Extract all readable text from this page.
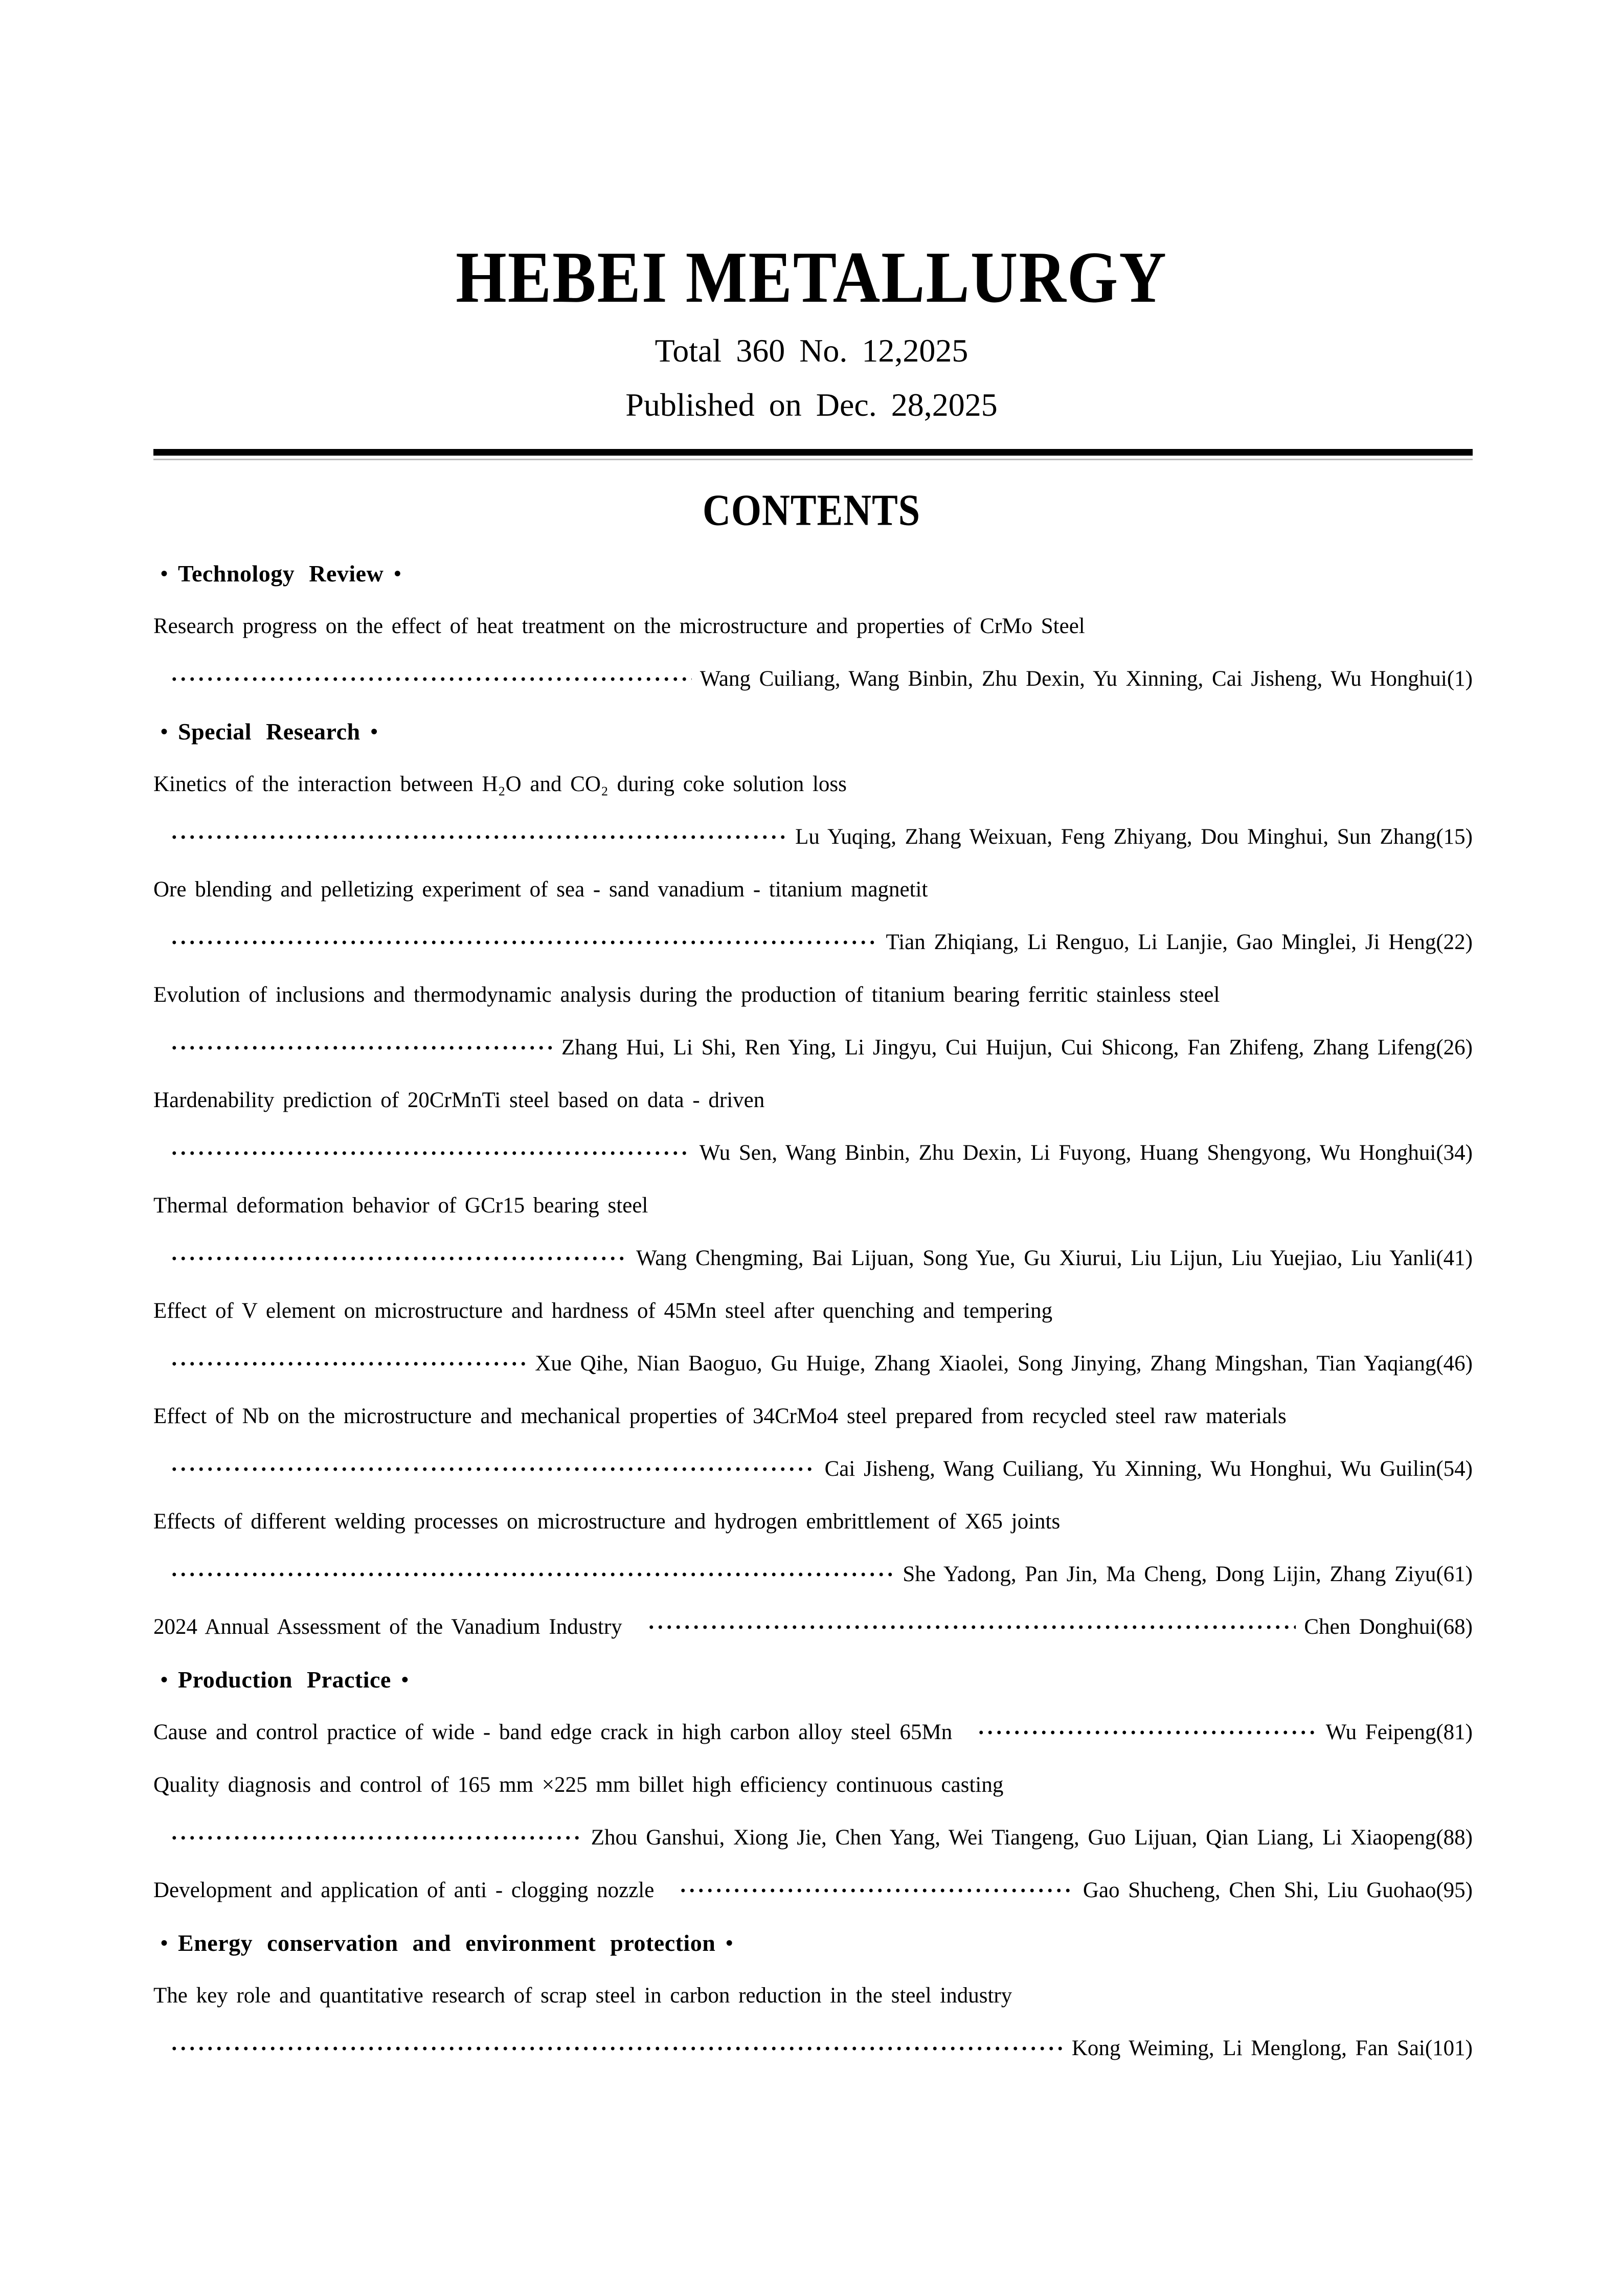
HEBEI METALLURGY
Total 360 No. 12,2025
Published on Dec. 28,2025
CONTENTS
• Technology Review •
Research progress on the effect of heat treatment on the microstructure and properties of CrMo Steel
Wang Cuiliang, Wang Binbin, Zhu Dexin, Yu Xinning, Cai Jisheng, Wu Honghui (1)
• Special Research •
Kinetics of the interaction between H₂O and CO₂ during coke solution loss
Lu Yuqing, Zhang Weixuan, Feng Zhiyang, Dou Minghui, Sun Zhang (15)
Ore blending and pelletizing experiment of sea - sand vanadium - titanium magnetit
Tian Zhiqiang, Li Renguo, Li Lanjie, Gao Minglei, Ji Heng (22)
Evolution of inclusions and thermodynamic analysis during the production of titanium bearing ferritic stainless steel
Zhang Hui, Li Shi, Ren Ying, Li Jingyu, Cui Huijun, Cui Shicong, Fan Zhifeng, Zhang Lifeng (26)
Hardenability prediction of 20CrMnTi steel based on data - driven
Wu Sen, Wang Binbin, Zhu Dexin, Li Fuyong, Huang Shengyong, Wu Honghui (34)
Thermal deformation behavior of GCr15 bearing steel
Wang Chengming, Bai Lijuan, Song Yue, Gu Xiurui, Liu Lijun, Liu Yuejiao, Liu Yanli (41)
Effect of V element on microstructure and hardness of 45Mn steel after quenching and tempering
Xue Qihe, Nian Baoguo, Gu Huige, Zhang Xiaolei, Song Jinying, Zhang Mingshan, Tian Yaqiang (46)
Effect of Nb on the microstructure and mechanical properties of 34CrMo4 steel prepared from recycled steel raw materials
Cai Jisheng, Wang Cuiliang, Yu Xinning, Wu Honghui, Wu Guilin (54)
Effects of different welding processes on microstructure and hydrogen embrittlement of X65 joints
She Yadong, Pan Jin, Ma Cheng, Dong Lijin, Zhang Ziyu (61)
2024 Annual Assessment of the Vanadium Industry	Chen Donghui (68)
• Production Practice •
Cause and control practice of wide - band edge crack in high carbon alloy steel 65Mn	Wu Feipeng (81)
Quality diagnosis and control of 165 mm ×225 mm billet high efficiency continuous casting
Zhou Ganshui, Xiong Jie, Chen Yang, Wei Tiangeng, Guo Lijuan, Qian Liang, Li Xiaopeng (88)
Development and application of anti - clogging nozzle	Gao Shucheng, Chen Shi, Liu Guohao (95)
• Energy conservation and environment protection •
The key role and quantitative research of scrap steel in carbon reduction in the steel industry
Kong Weiming, Li Menglong, Fan Sai (101)
